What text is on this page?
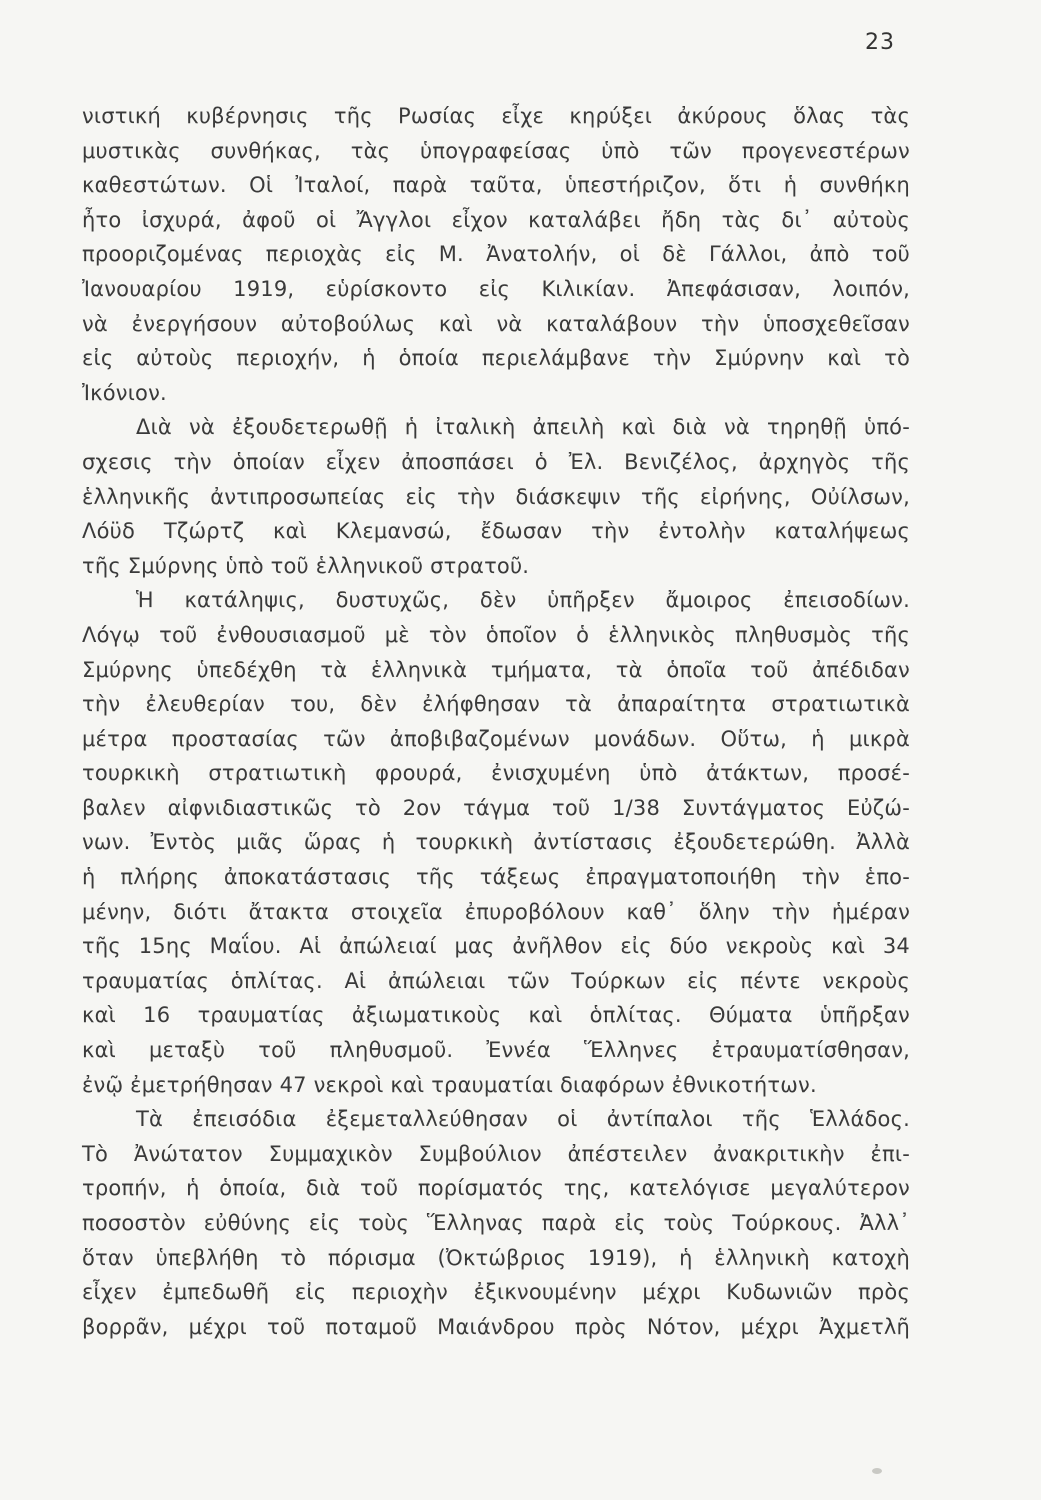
23
νιστική κυβέρνησις τῆς Ρωσίας εἶχε κηρύξει ἀκύρους ὅλας τὰς
μυστικὰς συνθήκας, τὰς ὑπογραφείσας ὑπὸ τῶν προγενεστέρων
καθεστώτων. Οἱ Ἰταλοί, παρὰ ταῦτα, ὑπεστήριζον, ὅτι ἡ συνθήκη
ἦτο ἰσχυρά, ἀφοῦ οἱ Ἄγγλοι εἶχον καταλάβει ἤδη τὰς δι᾽ αὐτοὺς
προοριζομένας περιοχὰς εἰς Μ. Ἀνατολήν, οἱ δὲ Γάλλοι, ἀπὸ τοῦ
Ἰανουαρίου 1919, εὑρίσκοντο εἰς Κιλικίαν. Ἀπεφάσισαν, λοιπόν,
νὰ ἐνεργήσουν αὐτοβούλως καὶ νὰ καταλάβουν τὴν ὑποσχεθεῖσαν
εἰς αὐτοὺς περιοχήν, ἡ ὁποία περιελάμβανε τὴν Σμύρνην καὶ τὸ
Ἰκόνιον.
Διὰ νὰ ἐξουδετερωθῇ ἡ ἰταλικὴ ἀπειλὴ καὶ διὰ νὰ τηρηθῇ ὑπό-
σχεσις τὴν ὁποίαν εἶχεν ἀποσπάσει ὁ Ἐλ. Βενιζέλος, ἀρχηγὸς τῆς
ἑλληνικῆς ἀντιπροσωπείας εἰς τὴν διάσκεψιν τῆς εἰρήνης, Οὐίλσων,
Λόϋδ Τζώρτζ καὶ Κλεμανσώ, ἔδωσαν τὴν ἐντολὴν καταλήψεως
τῆς Σμύρνης ὑπὸ τοῦ ἑλληνικοῦ στρατοῦ.
Ἡ κατάληψις, δυστυχῶς, δὲν ὑπῆρξεν ἄμοιρος ἐπεισοδίων.
Λόγῳ τοῦ ἐνθουσιασμοῦ μὲ τὸν ὁποῖον ὁ ἑλληνικὸς πληθυσμὸς τῆς
Σμύρνης ὑπεδέχθη τὰ ἑλληνικὰ τμήματα, τὰ ὁποῖα τοῦ ἀπέδιδαν
τὴν ἐλευθερίαν του, δὲν ἐλήφθησαν τὰ ἀπαραίτητα στρατιωτικὰ
μέτρα προστασίας τῶν ἀποβιβαζομένων μονάδων. Οὕτω, ἡ μικρὰ
τουρκικὴ στρατιωτικὴ φρουρά, ἐνισχυμένη ὑπὸ ἀτάκτων, προσέ-
βαλεν αἰφνιδιαστικῶς τὸ 2ον τάγμα τοῦ 1/38 Συντάγματος Εὐζώ-
νων. Ἐντὸς μιᾶς ὥρας ἡ τουρκικὴ ἀντίστασις ἐξουδετερώθη. Ἀλλὰ
ἡ πλήρης ἀποκατάστασις τῆς τάξεως ἐπραγματοποιήθη τὴν ἑπο-
μένην, διότι ἄτακτα στοιχεῖα ἐπυροβόλουν καθ᾽ ὅλην τὴν ἡμέραν
τῆς 15ης Μαΐου. Αἱ ἀπώλειαί μας ἀνῆλθον εἰς δύο νεκροὺς καὶ 34
τραυματίας ὁπλίτας. Αἱ ἀπώλειαι τῶν Τούρκων εἰς πέντε νεκροὺς
καὶ 16 τραυματίας ἀξιωματικοὺς καὶ ὁπλίτας. Θύματα ὑπῆρξαν
καὶ μεταξὺ τοῦ πληθυσμοῦ. Ἐννέα Ἕλληνες ἐτραυματίσθησαν,
ἐνῷ ἐμετρήθησαν 47 νεκροὶ καὶ τραυματίαι διαφόρων ἐθνικοτήτων.
Τὰ ἐπεισόδια ἐξεμεταλλεύθησαν οἱ ἀντίπαλοι τῆς Ἑλλάδος.
Τὸ Ἀνώτατον Συμμαχικὸν Συμβούλιον ἀπέστειλεν ἀνακριτικὴν ἐπι-
τροπήν, ἡ ὁποία, διὰ τοῦ πορίσματός της, κατελόγισε μεγαλύτερον
ποσοστὸν εὐθύνης εἰς τοὺς Ἕλληνας παρὰ εἰς τοὺς Τούρκους. Ἀλλ᾽
ὅταν ὑπεβλήθη τὸ πόρισμα (Ὀκτώβριος 1919), ἡ ἑλληνικὴ κατοχὴ
εἶχεν ἐμπεδωθῆ εἰς περιοχὴν ἐξικνουμένην μέχρι Κυδωνιῶν πρὸς
βορρᾶν, μέχρι τοῦ ποταμοῦ Μαιάνδρου πρὸς Νότον, μέχρι Ἀχμετλῆ
